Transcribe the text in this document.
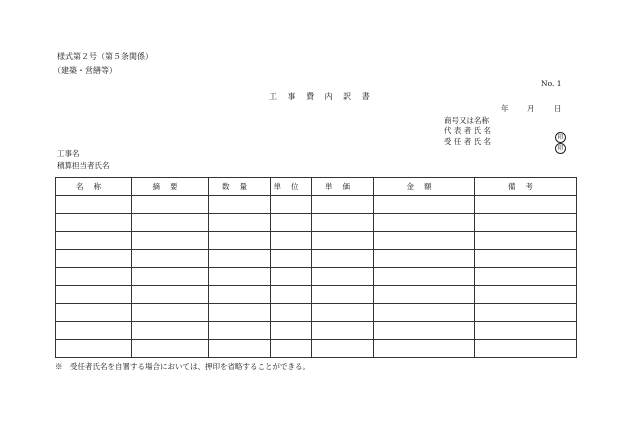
様式第２号（第５条関係）
（建築・営繕等）
No. 1
工 事 費 内 訳 書
年 月	日
商号又は名称
代 表 者 氏 名
印
受 任 者 氏 名
印
工事名
積算担当者氏名
名称	摘要	数量	単位	単価	金額	備考

※　受任者氏名を自署する場合においては、押印を省略することができる。
